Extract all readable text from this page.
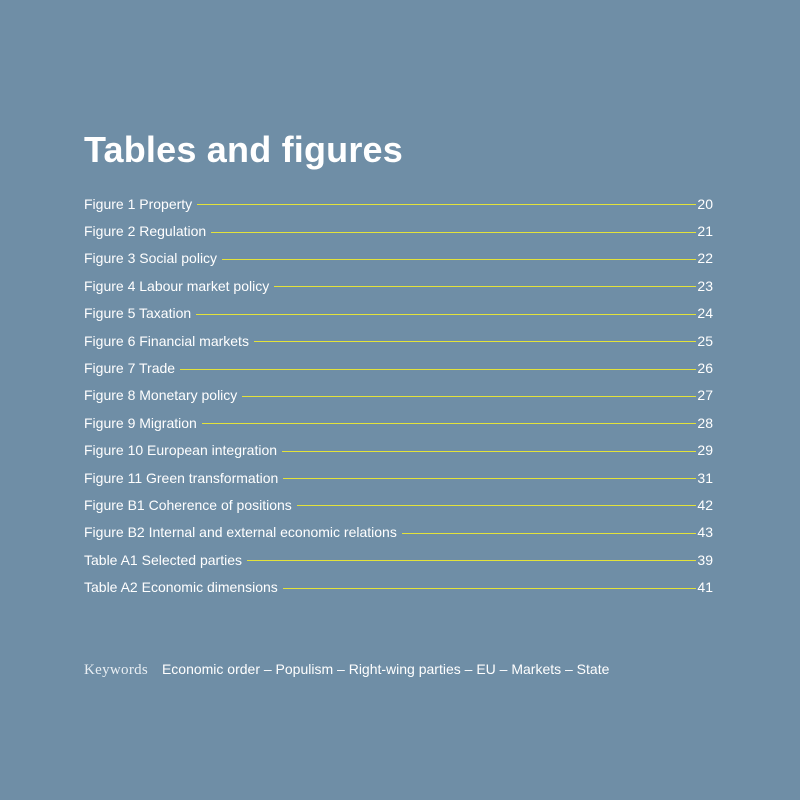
Tables and figures
Figure 1 Property	20
Figure 2 Regulation	21
Figure 3 Social policy	22
Figure 4 Labour market policy	23
Figure 5 Taxation	24
Figure 6 Financial markets	25
Figure 7 Trade	26
Figure 8 Monetary policy	27
Figure 9 Migration	28
Figure 10 European integration	29
Figure 11 Green transformation	31
Figure B1 Coherence of positions	42
Figure B2 Internal and external economic relations	43
Table A1 Selected parties	39
Table A2 Economic dimensions	41
Keywords Economic order – Populism – Right-wing parties – EU – Markets – State
